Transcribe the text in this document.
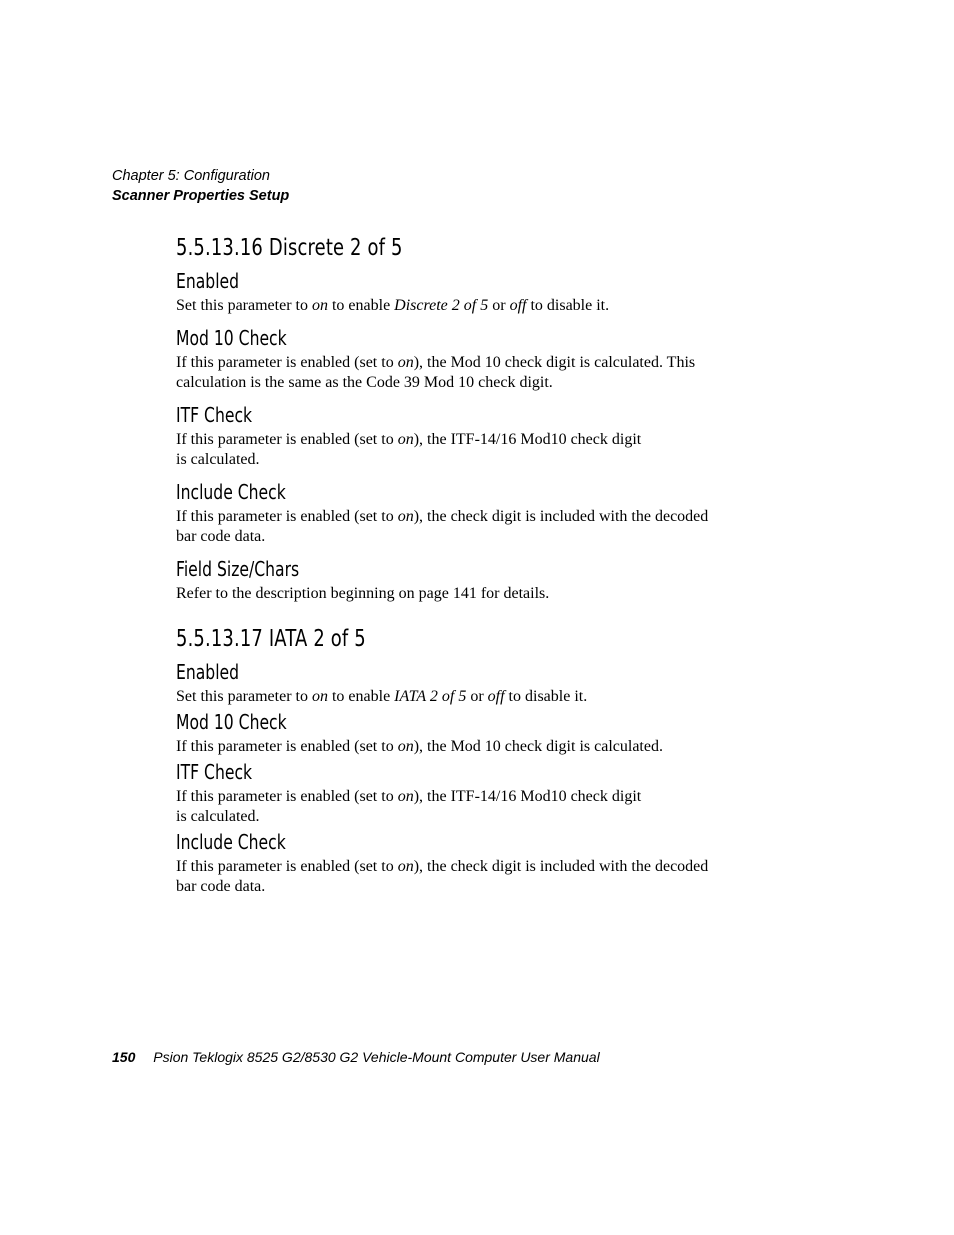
Chapter 5: Configuration
Scanner Properties Setup
5.5.13.16 Discrete 2 of 5
Enabled
Set this parameter to on to enable Discrete 2 of 5 or off to disable it.
Mod 10 Check
If this parameter is enabled (set to on), the Mod 10 check digit is calculated. This
calculation is the same as the Code 39 Mod 10 check digit.
ITF Check
If this parameter is enabled (set to on), the ITF-14/16 Mod10 check digit
is calculated.
Include Check
If this parameter is enabled (set to on), the check digit is included with the decoded
bar code data.
Field Size/Chars
Refer to the description beginning on page 141 for details.
5.5.13.17 IATA 2 of 5
Enabled
Set this parameter to on to enable IATA 2 of 5 or off to disable it.
Mod 10 Check
If this parameter is enabled (set to on), the Mod 10 check digit is calculated.
ITF Check
If this parameter is enabled (set to on), the ITF-14/16 Mod10 check digit
is calculated.
Include Check
If this parameter is enabled (set to on), the check digit is included with the decoded
bar code data.
150 Psion Teklogix 8525 G2/8530 G2 Vehicle-Mount Computer User Manual
